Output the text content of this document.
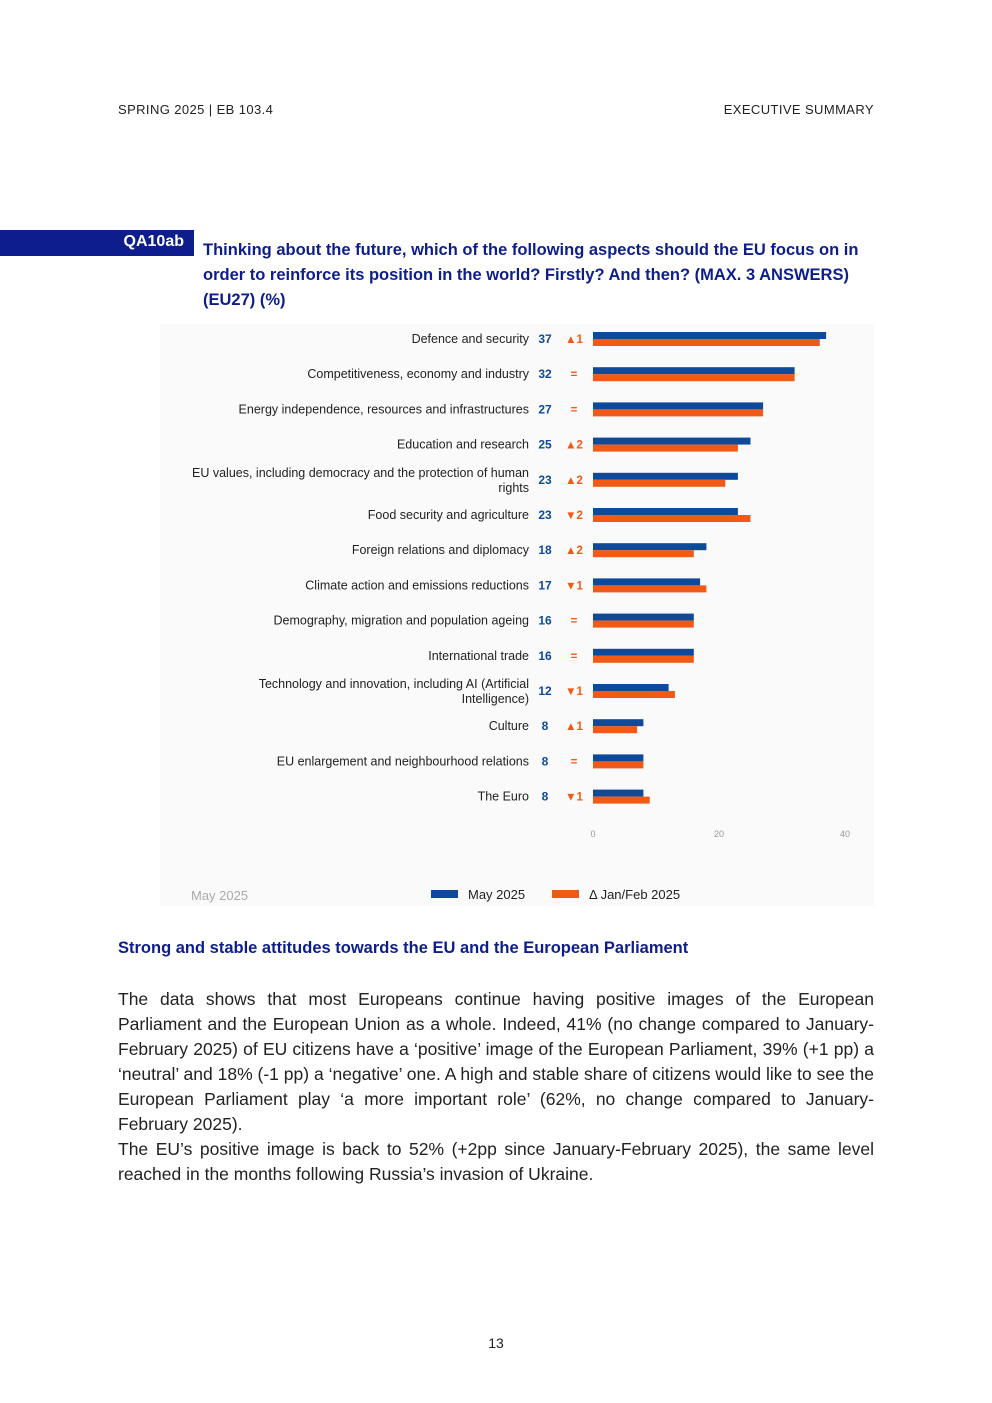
SPRING 2025 | EB 103.4	EXECUTIVE SUMMARY
QA10ab Thinking about the future, which of the following aspects should the EU focus on in order to reinforce its position in the world? Firstly? And then? (MAX. 3 ANSWERS) (EU27) (%)
Defence and security 37 ▲1
Competitiveness, economy and industry 32 =
Energy independence, resources and infrastructures 27 =
Education and research 25 ▲2
EU values, including democracy and the protection of human
rights
23 ▲2
Food security and agriculture 23 ▼2
Foreign relations and diplomacy 18 ▲2
Climate action and emissions reductions 17 ▼1
Demography, migration and population ageing 16 =
International trade 16 =
Technology and innovation, including AI (Artificial
Intelligence)
12 ▼1
Culture 8 ▲1
EU enlargement and neighbourhood relations 8 =
The Euro 8 ▼1
0	20	40
May 2025	May 2025	Δ Jan/Feb 2025
Strong and stable attitudes towards the EU and the European Parliament

The data shows that most Europeans continue having positive images of the European Parliament and the European Union as a whole. Indeed, 41% (no change compared to January-February 2025) of EU citizens have a ‘positive’ image of the European Parliament, 39% (+1 pp) a ‘neutral’ and 18% (-1 pp) a ‘negative’ one. A high and stable share of citizens would like to see the European Parliament play ‘a more important role’ (62%, no change compared to January-February 2025).

The EU’s positive image is back to 52% (+2pp since January-February 2025), the same level reached in the months following Russia’s invasion of Ukraine.

13
